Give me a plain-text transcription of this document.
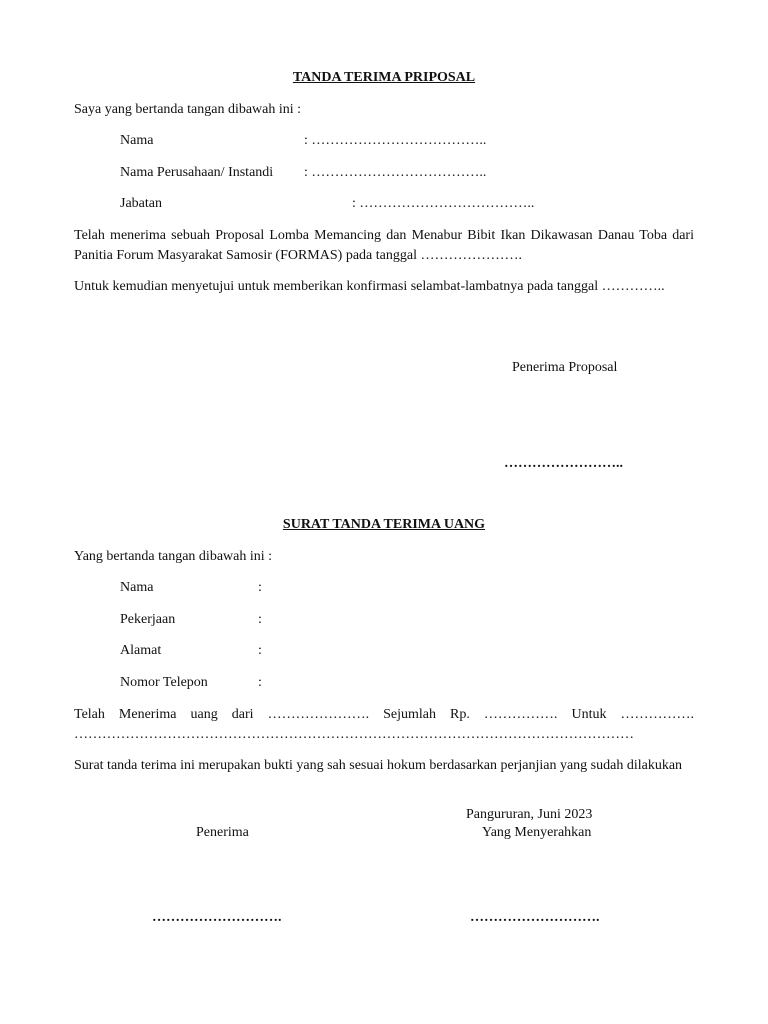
TANDA TERIMA PRIPOSAL
Saya yang bertanda tangan dibawah ini :
Nama	: ………………………………..
Nama Perusahaan/ Instandi : ………………………………..
Jabatan	: ………………………………..
Telah menerima sebuah Proposal Lomba Memancing dan Menabur Bibit Ikan Dikawasan Danau Toba dari Panitia Forum Masyarakat Samosir (FORMAS) pada tanggal ………………….
Untuk kemudian menyetujui untuk memberikan konfirmasi selambat-lambatnya pada tanggal …………..
Penerima Proposal
……………………..
SURAT TANDA TERIMA UANG
Yang bertanda tangan dibawah ini :
Nama	:
Pekerjaan	:
Alamat	:
Nomor Telepon	:
Telah Menerima uang dari …………………. Sejumlah Rp. ……………. Untuk ……………. …………………………………………………………………………………………………………
Surat tanda terima ini merupakan bukti yang sah sesuai hokum berdasarkan perjanjian yang sudah dilakukan
Pangururan, Juni 2023
Penerima	Yang Menyerahkan
……………………….	……………………….
